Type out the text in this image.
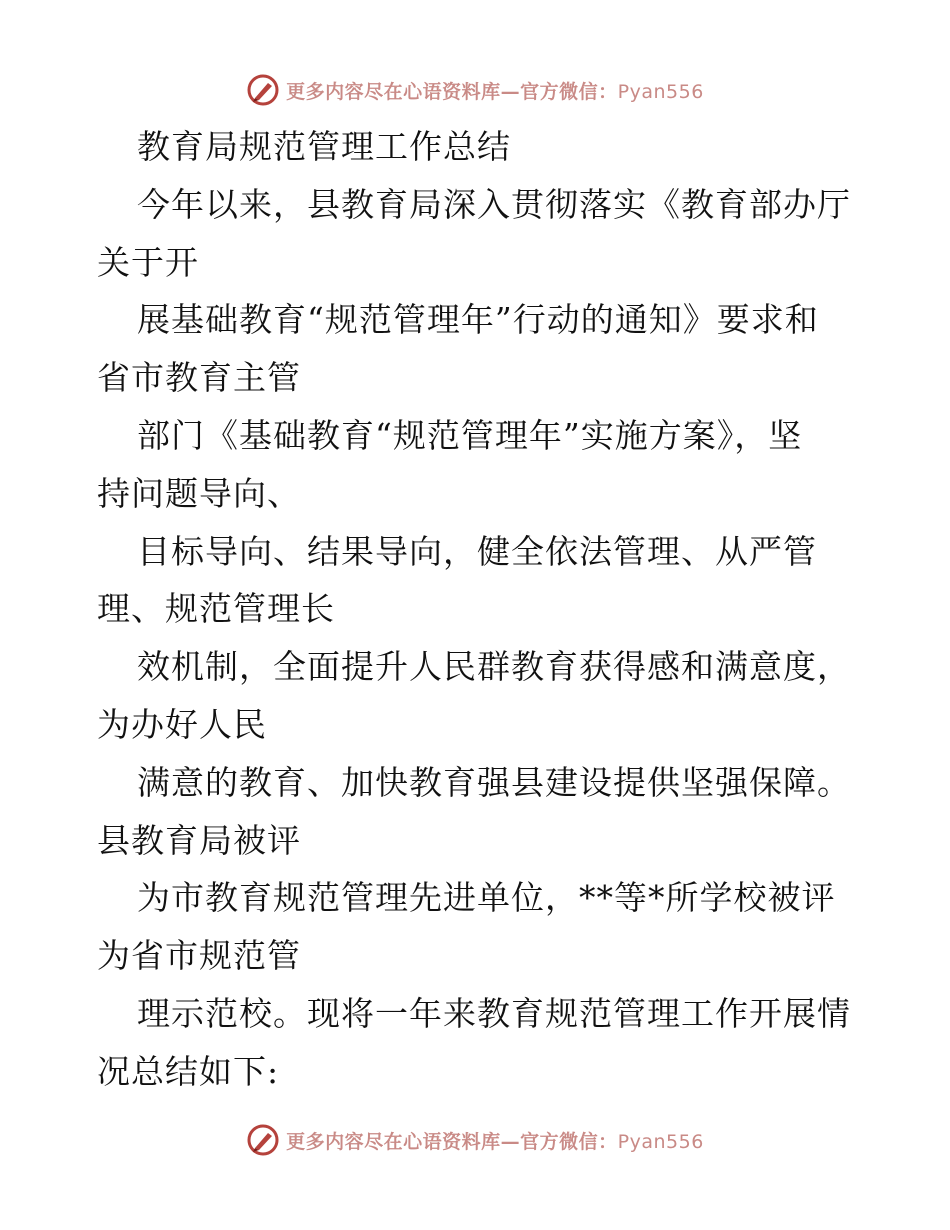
更多内容尽在心语资料库—官方微信：Pyan556
教育局规范管理工作总结
今年以来，县教育局深入贯彻落实《教育部办厅
关于开
展基础教育“规范管理年”行动的通知》要求和
省市教育主管
部门《基础教育“规范管理年”实施方案》，坚
持问题导向、
目标导向、结果导向，健全依法管理、从严管
理、规范管理长
效机制，全面提升人民群教育获得感和满意度，
为办好人民
满意的教育、加快教育强县建设提供坚强保障。
县教育局被评
为市教育规范管理先进单位，**等*所学校被评
为省市规范管
理示范校。现将一年来教育规范管理工作开展情
况总结如下:
更多内容尽在心语资料库—官方微信：Pyan556
